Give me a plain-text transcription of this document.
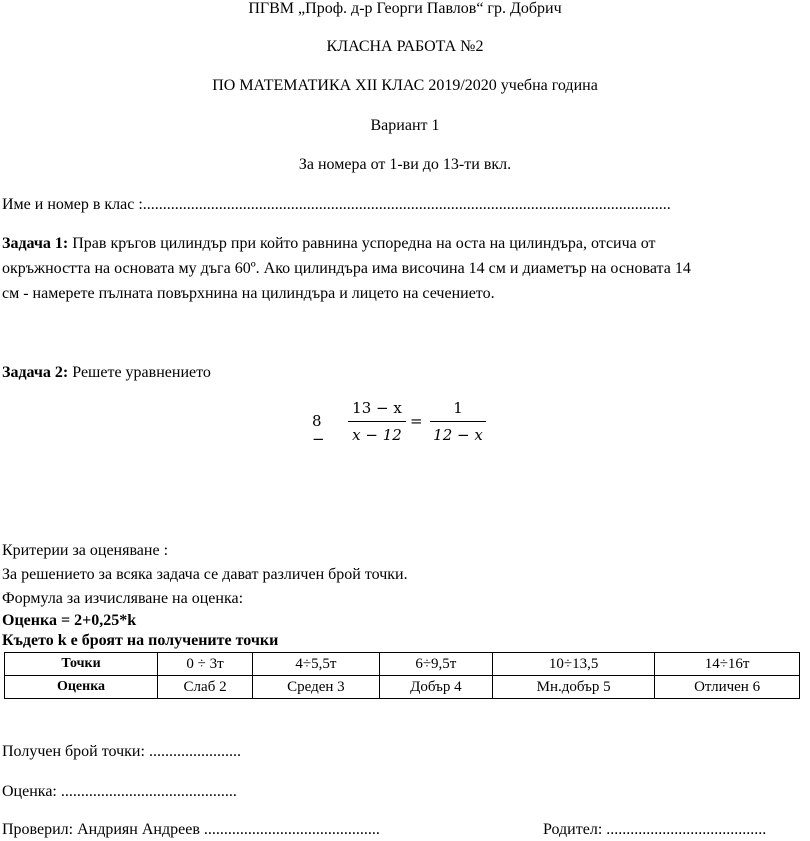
ПГВМ „Проф. д-р Георги Павлов“ гр. Добрич
КЛАСНА РАБОТА №2
ПО МАТЕМАТИКА XII КЛАС 2019/2020 учебна година
Вариант 1
За номера от 1-ви до 13-ти вкл.
Име и номер в клас :....................................................................................................................................
Задача 1: Прав кръгов цилиндър при който равнина успоредна на оста на цилиндъра, отсича от
окръжността на основата му дъга 60º. Ако цилиндъра има височина 14 см и диаметър на основата 14
см - намерете пълната повърхнина на цилиндъра и лицето на сечението.
Задача 2: Решете уравнението
8 −
13 − x
x − 12
=
1
12 − x
Критерии за оценяване :
За решението за всяка задача се дават различен брой точки.
Формула за изчисляване на оценка:
Оценка = 2+0,25*k
Където k е броят на получените точки
Точки	0 ÷ 3т	4÷5,5т	6÷9,5т	10÷13,5	14÷16т
Оценка	Слаб 2	Среден 3	Добър 4	Мн.добър 5	Отличен 6
Получен брой точки: .......................
Оценка: ............................................
Проверил: Андриян Андреев ............................................	Родител: ........................................
